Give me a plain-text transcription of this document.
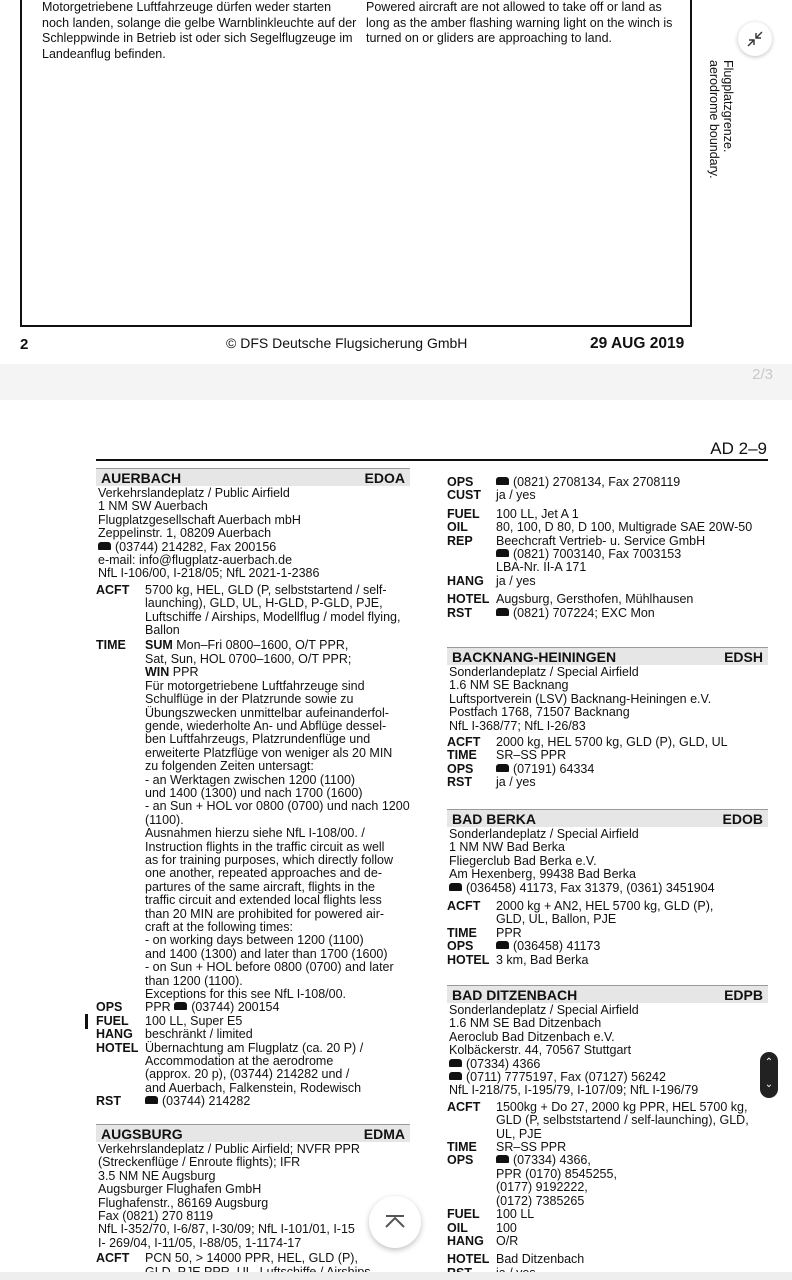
Motorgetriebene Luftfahrzeuge dürfen weder starten noch landen, solange die gelbe Warnblinkleuchte auf der Schleppwinde in Betrieb ist oder sich Segelflugzeuge im Landeanflug befinden.
Powered aircraft are not allowed to take off or land as long as the amber flashing warning light on the winch is turned on or gliders are approaching to land.
Flugplatzgrenze.
aerodrome boundary.
2	© DFS Deutsche Flugsicherung GmbH	29 AUG 2019
2/3
AD 2–9
AUERBACH	EDOA
Verkehrslandeplatz / Public Airfield
1 NM SW Auerbach
Flugplatzgesellschaft Auerbach mbH
Zeppelinstr. 1, 08209 Auerbach
(03744) 214282, Fax 200156
e-mail: info@flugplatz-auerbach.de
NfL I-106/00, I-218/05; NfL 2021-1-2386
ACFT	5700 kg, HEL, GLD (P, selbststartend / self-launching), GLD, UL, H-GLD, P-GLD, PJE, Luftschiffe / Airships, Modellflug / model flying, Ballon
TIME	SUM Mon–Fri 0800–1600, O/T PPR,
Sat, Sun, HOL 0700–1600, O/T PPR;
WIN PPR
Für motorgetriebene Luftfahrzeuge sind
Schulflüge in der Platzrunde sowie zu
Übungszwecken unmittelbar aufeinanderfol-
gende, wiederholte An- und Abflüge dessel-
ben Luftfahrzeugs, Platzrundenflüge und
erweiterte Platzflüge von weniger als 20 MIN
zu folgenden Zeiten untersagt:
- an Werktagen zwischen 1200 (1100)
und 1400 (1300) und nach 1700 (1600)
- an Sun + HOL vor 0800 (0700) und nach 1200
(1100).
Ausnahmen hierzu siehe NfL I-108/00. /
Instruction flights in the traffic circuit as well
as for training purposes, which directly follow
one another, repeated approaches and de-
partures of the same aircraft, flights in the
traffic circuit and extended local flights less
than 20 MIN are prohibited for powered air-
craft at the following times:
- on working days between 1200 (1100)
and 1400 (1300) and later than 1700 (1600)
- on Sun + HOL before 0800 (0700) and later
than 1200 (1100).
Exceptions for this see NfL I-108/00.
OPS	PPR (03744) 200154
FUEL	100 LL, Super E5
HANG beschränkt / limited
HOTEL Übernachtung am Flugplatz (ca. 20 P) /
Accommodation at the aerodrome
(approx. 20 p), (03744) 214282 und /
and Auerbach, Falkenstein, Rodewisch
RST	(03744) 214282
AUGSBURG	EDMA
Verkehrslandeplatz / Public Airfield; NVFR PPR
(Streckenflüge / Enroute flights); IFR
3.5 NM NE Augsburg
Augsburger Flughafen GmbH
Flughafenstr., 86169 Augsburg
Fax (0821) 270 8119
NfL I-352/70, I-6/87, I-30/09; NfL I-101/01, I-15
I- 269/04, I-11/05, I-88/05, 1-1174-17
ACFT	PCN 50, > 14000 PPR, HEL, GLD (P),
OPS	(0821) 2708134, Fax 2708119
CUST	ja / yes
FUEL	100 LL, Jet A 1
OIL	80, 100, D 80, D 100, Multigrade SAE 20W-50
REP	Beechcraft Vertrieb- u. Service GmbH
(0821) 7003140, Fax 7003153
LBA-Nr. II-A 171
HANG ja / yes
HOTEL Augsburg, Gersthofen, Mühlhausen
RST	(0821) 707224; EXC Mon
BACKNANG-HEININGEN	EDSH
Sonderlandeplatz / Special Airfield
1.6 NM SE Backnang
Luftsportverein (LSV) Backnang-Heiningen e.V.
Postfach 1768, 71507 Backnang
NfL I-368/77; NfL I-26/83
ACFT	2000 kg, HEL 5700 kg, GLD (P), GLD, UL
TIME	SR–SS PPR
OPS	(07191) 64334
RST	ja / yes
BAD BERKA	EDOB
Sonderlandeplatz / Special Airfield
1 NM NW Bad Berka
Fliegerclub Bad Berka e.V.
Am Hexenberg, 99438 Bad Berka
(036458) 41173, Fax 31379, (0361) 3451904
ACFT	2000 kg + AN2, HEL 5700 kg, GLD (P),
GLD, UL, Ballon, PJE
TIME	PPR
OPS	(036458) 41173
HOTEL 3 km, Bad Berka
BAD DITZENBACH	EDPB
Sonderlandeplatz / Special Airfield
1.6 NM SE Bad Ditzenbach
Aeroclub Bad Ditzenbach e.V.
Kolbäckerstr. 44, 70567 Stuttgart
(07334) 4366
(0711) 7775197, Fax (07127) 56242
NfL I-218/75, I-195/79, I-107/09; NfL I-196/79
ACFT	1500kg + Do 27, 2000 kg PPR, HEL 5700 kg,
GLD (P, selbststartend / self-launching), GLD,
UL, PJE
TIME	SR–SS PPR
OPS	(07334) 4366,
PPR (0170) 8545255,
(0177) 9192222,
(0172) 7385265
FUEL	100 LL
OIL	100
HANG O/R
HOTEL Bad Ditzenbach
⌃
⌄
